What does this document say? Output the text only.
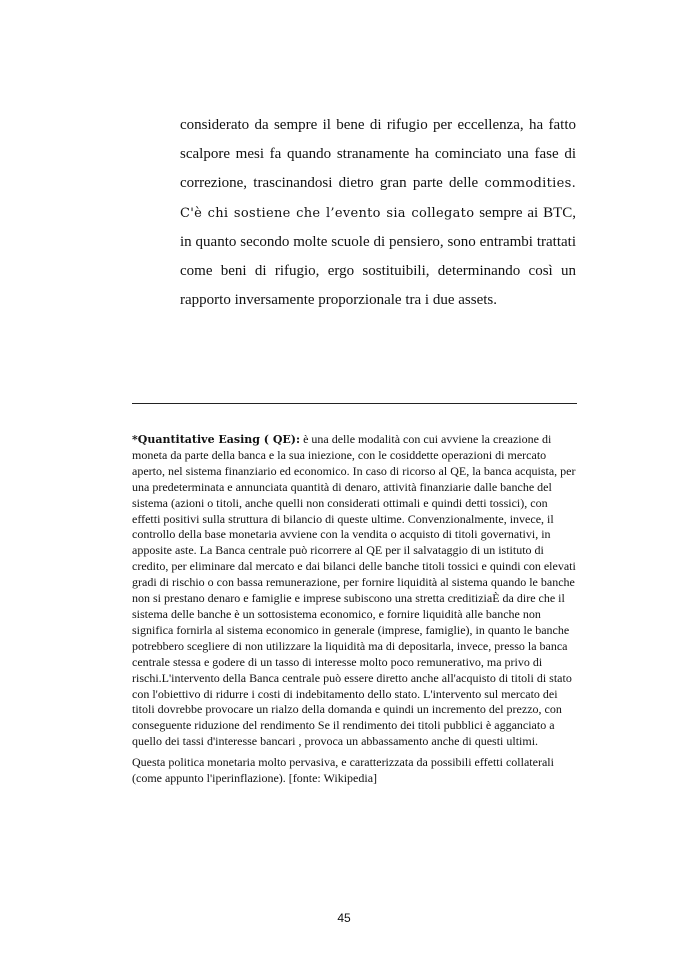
considerato da sempre il bene di rifugio per eccellenza, ha fatto scalpore mesi fa quando stranamente ha cominciato una fase di correzione, trascinandosi dietro gran parte delle commodities. C'è chi sostiene che l’evento sia collegato sempre ai BTC, in quanto secondo molte scuole di pensiero, sono entrambi trattati come beni di rifugio, ergo sostituibili, determinando così un rapporto inversamente proporzionale tra i due assets.

*Quantitative Easing ( QE): è una delle modalità con cui avviene la creazione di moneta da parte della banca e la sua iniezione, con le cosiddette operazioni di mercato aperto, nel sistema finanziario ed economico. In caso di ricorso al QE, la banca acquista, per una predeterminata e annunciata quantità di denaro, attività finanziarie dalle banche del sistema (azioni o titoli, anche quelli non considerati ottimali e quindi detti tossici), con effetti positivi sulla struttura di bilancio di queste ultime. Convenzionalmente, invece, il controllo della base monetaria avviene con la vendita o acquisto di titoli governativi, in apposite aste. La Banca centrale può ricorrere al QE per il salvataggio di un istituto di credito, per eliminare dal mercato e dai bilanci delle banche titoli tossici e quindi con elevati gradi di rischio o con bassa remunerazione, per fornire liquidità al sistema quando le banche non si prestano denaro e famiglie e imprese subiscono una stretta creditiziaÈ da dire che il sistema delle banche è un sottosistema economico, e fornire liquidità alle banche non significa fornirla al sistema economico in generale (imprese, famiglie), in quanto le banche potrebbero scegliere di non utilizzare la liquidità ma di depositarla, invece, presso la banca centrale stessa e godere di un tasso di interesse molto poco remunerativo, ma privo di rischi.L'intervento della Banca centrale può essere diretto anche all'acquisto di titoli di stato con l'obiettivo di ridurre i costi di indebitamento dello stato. L'intervento sul mercato dei titoli dovrebbe provocare un rialzo della domanda e quindi un incremento del prezzo, con conseguente riduzione del rendimento Se il rendimento dei titoli pubblici è agganciato a quello dei tassi d'interesse bancari , provoca un abbassamento anche di questi ultimi.

Questa politica monetaria molto pervasiva, e caratterizzata da possibili effetti collaterali (come appunto l'iperinflazione). [fonte: Wikipedia]

45
